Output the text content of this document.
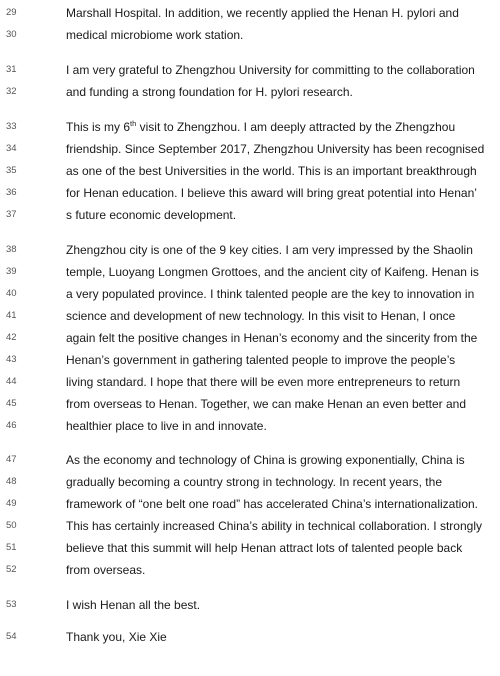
29	Marshall Hospital. In addition, we recently applied the Henan H. pylori and
30	medical microbiome work station.
31	I am very grateful to Zhengzhou University for committing to the collaboration
32	and funding a strong foundation for H. pylori research.
33	This is my 6th visit to Zhengzhou. I am deeply attracted by the Zhengzhou
34	friendship. Since September 2017, Zhengzhou University has been recognised
35	as one of the best Universities in the world. This is an important breakthrough
36	for Henan education. I believe this award will bring great potential into Henan’
37	s future economic development.
38	Zhengzhou city is one of the 9 key cities. I am very impressed by the Shaolin
39	temple, Luoyang Longmen Grottoes, and the ancient city of Kaifeng. Henan is
40	a very populated province. I think talented people are the key to innovation in
41	science and development of new technology. In this visit to Henan, I once
42	again felt the positive changes in Henan’s economy and the sincerity from the
43	Henan’s government in gathering talented people to improve the people’s
44	living standard. I hope that there will be even more entrepreneurs to return
45	from overseas to Henan. Together, we can make Henan an even better and
46	healthier place to live in and innovate.
47	As the economy and technology of China is growing exponentially, China is
48	gradually becoming a country strong in technology. In recent years, the
49	framework of “one belt one road” has accelerated China’s internationalization.
50	This has certainly increased China’s ability in technical collaboration. I strongly
51	believe that this summit will help Henan attract lots of talented people back
52	from overseas.
53	I wish Henan all the best.
54	Thank you, Xie Xie
